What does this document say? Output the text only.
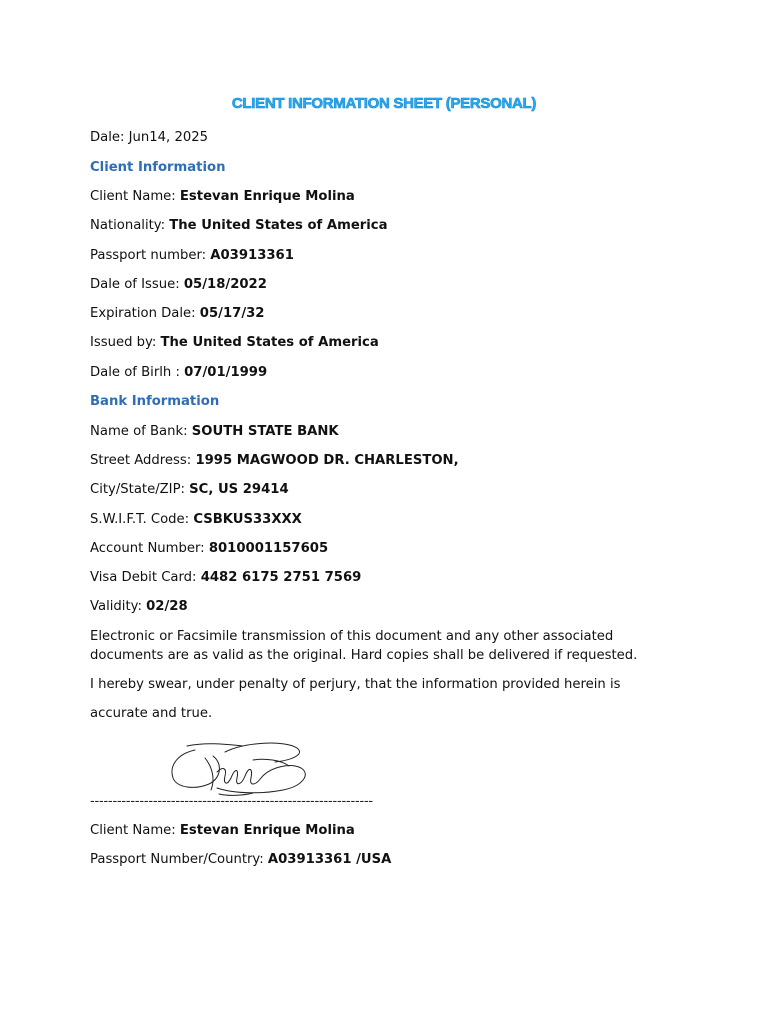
CLIENT INFORMATION SHEET (PERSONAL)
Dale: Jun14, 2025
Client Information
Client Name: Estevan Enrique Molina
Nationality: The United States of America
Passport number: A03913361
Dale of Issue: 05/18/2022
Expiration Dale: 05/17/32
Issued by: The United States of America
Dale of Birlh : 07/01/1999
Bank Information
Name of Bank: SOUTH STATE BANK
Street Address: 1995 MAGWOOD DR. CHARLESTON,
City/State/ZIP: SC, US 29414
S.W.I.F.T. Code: CSBKUS33XXX
Account Number: 8010001157605
Visa Debit Card: 4482 6175 2751 7569
Validity: 02/28
Electronic or Facsimile transmission of this document and any other associated documents are as valid as the original. Hard copies shall be delivered if requested.
I hereby swear, under penalty of perjury, that the information provided herein is
accurate and true.
---------------------------------------------------------------
Client Name: Estevan Enrique Molina
Passport Number/Country: A03913361 /USA
